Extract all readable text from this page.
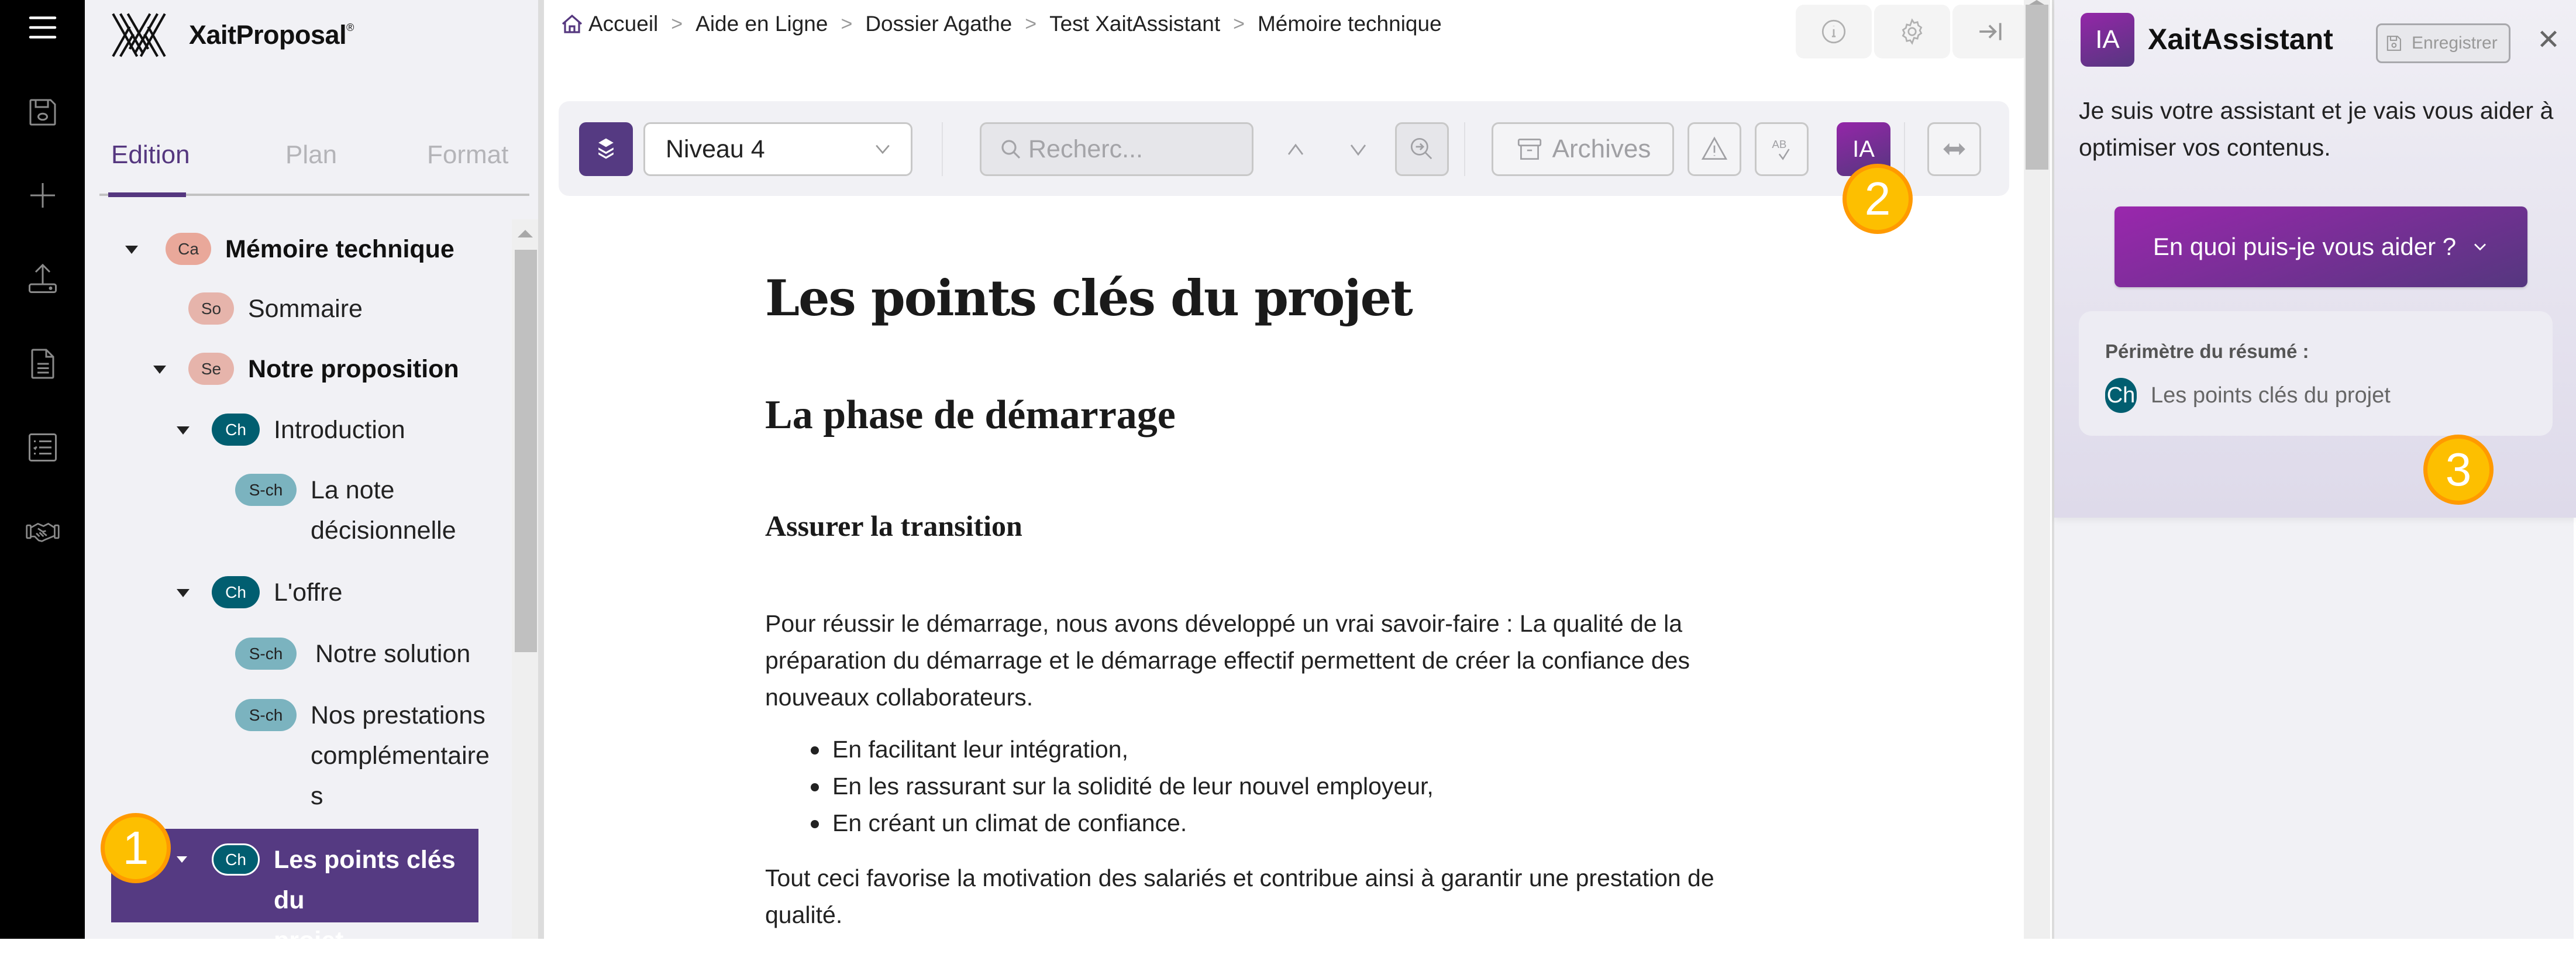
XaitProposal®
Edition	Plan	Format
Ca	Mémoire technique
So	Sommaire
Se	Notre proposition
Ch	Introduction
S-ch	La note
décisionnelle
Ch	L'offre
S-ch	Notre solution
S-ch	Nos prestations
complémentaire
s
Ch	Les points clés du
projet
Accueil > Aide en Ligne > Dossier Agathe > Test XaitAssistant > Mémoire technique
Niveau 4	Recherc...	Archives	AB	IA
Les points clés du projet
La phase de démarrage
Assurer la transition

Pour réussir le démarrage, nous avons développé un vrai savoir-faire : La qualité de la
préparation du démarrage et le démarrage effectif permettent de créer la confiance des
nouveaux collaborateurs.

En facilitant leur intégration,
En les rassurant sur la solidité de leur nouvel employeur,
En créant un climat de confiance.

Tout ceci favorise la motivation des salariés et contribue ainsi à garantir une prestation de
qualité.

IA XaitAssistant	Enregistrer ✕

Je suis votre assistant et je vais vous aider à optimiser vos contenus.

En quoi puis-je vous aider ?
Périmètre du résumé :
Ch Les points clés du projet
1
2
3
